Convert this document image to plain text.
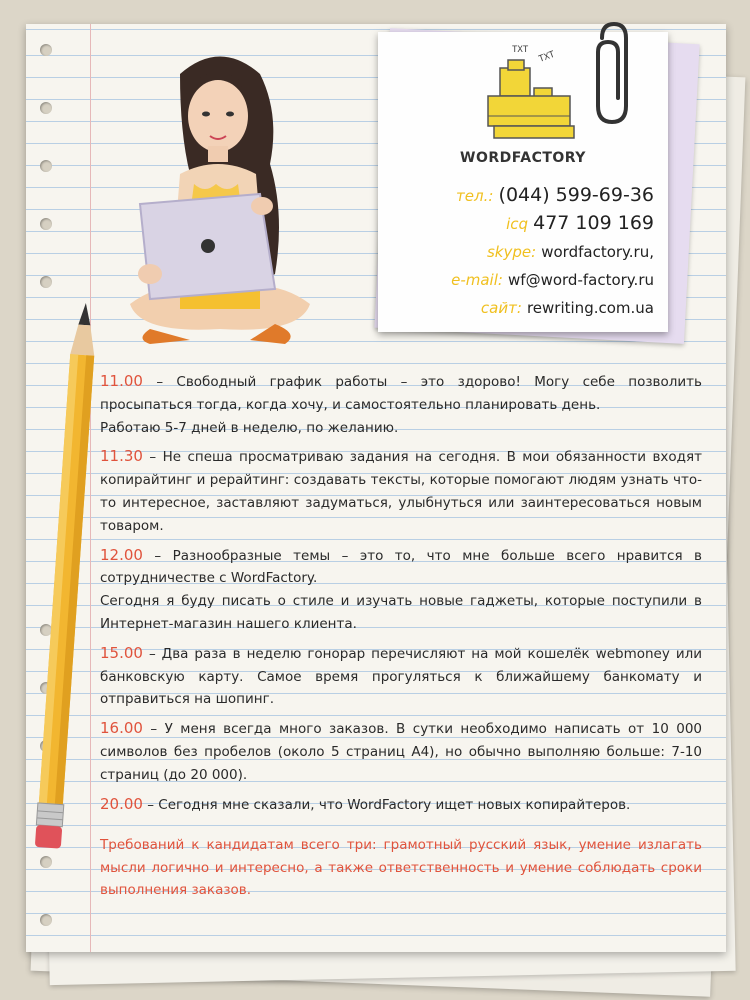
TXT TXT
WORDFACTORY
тел.: (044) 599-69-36
icq 477 109 169
skype: wordfactory.ru,
e-mail: wf@word-factory.ru
сайт: rewriting.com.ua

11.00 – Свободный график работы – это здорово! Могу себе позволить просыпаться тогда, когда хочу, и самостоятельно планировать день.

Работаю 5-7 дней в неделю, по желанию.

11.30 – Не спеша просматриваю задания на сегодня. В мои обязанности входят копирайтинг и рерайтинг: создавать тексты, которые помогают людям узнать что-то интересное, заставляют задуматься, улыбнуться или заинтересоваться новым товаром.

12.00 – Разнообразные темы – это то, что мне больше всего нравится в сотрудничестве с WordFactory.

Сегодня я буду писать о стиле и изучать новые гаджеты, которые поступили в Интернет-магазин нашего клиента.

15.00 – Два раза в неделю гонорар перечисляют на мой кошелёк webmoney или банковскую карту. Самое время прогуляться к ближайшему банкомату и отправиться на шопинг.

16.00 – У меня всегда много заказов. В сутки необходимо написать от 10 000 символов без пробелов (около 5 страниц А4), но обычно выполняю больше: 7-10 страниц (до 20 000).

20.00 – Сегодня мне сказали, что WordFactory ищет новых копирайтеров.

Требований к кандидатам всего три: грамотный русский язык, умение излагать мысли логично и интересно, а также ответственность и умение соблюдать сроки выполнения заказов.
